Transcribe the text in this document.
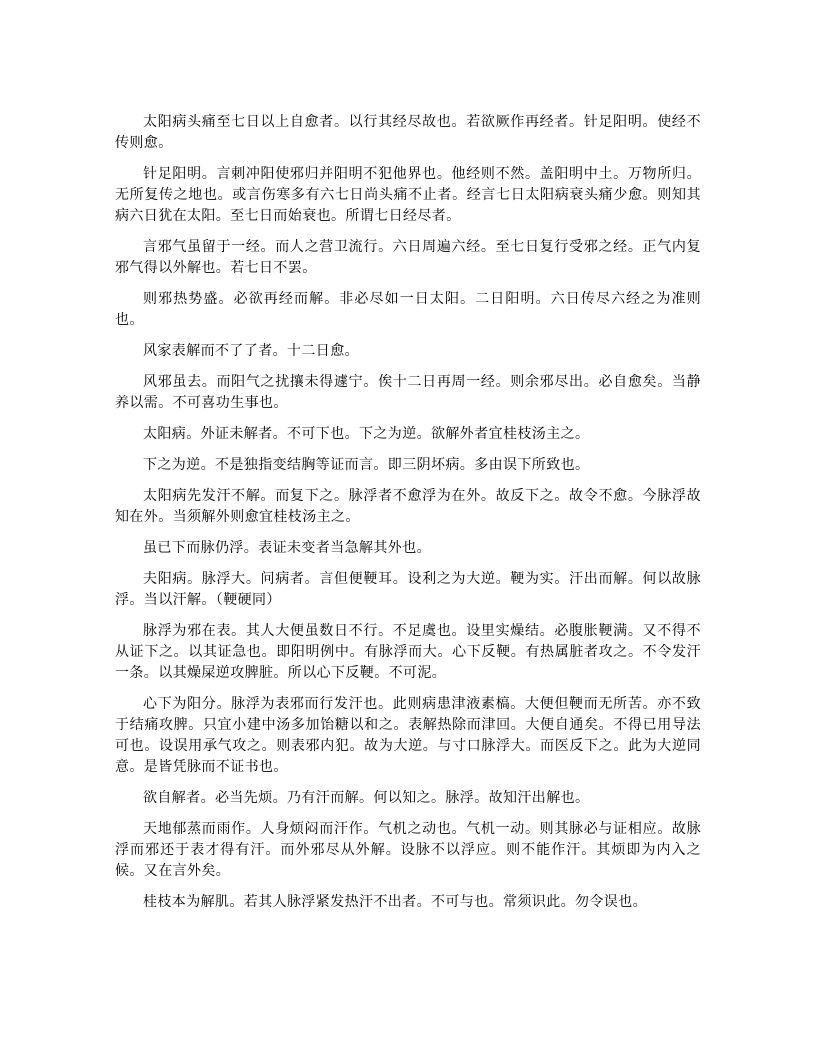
太阳病头痛至七日以上自愈者。以行其经尽故也。若欲厥作再经者。针足阳明。使经不传则愈。

针足阳明。言刺冲阳使邪归并阳明不犯他界也。他经则不然。盖阳明中土。万物所归。无所复传之地也。或言伤寒多有六七日尚头痛不止者。经言七日太阳病衰头痛少愈。则知其病六日犹在太阳。至七日而始衰也。所谓七日经尽者。

言邪气虽留于一经。而人之营卫流行。六日周遍六经。至七日复行受邪之经。正气内复邪气得以外解也。若七日不罢。

则邪热势盛。必欲再经而解。非必尽如一日太阳。二日阳明。六日传尽六经之为准则也。

风家表解而不了了者。十二日愈。

风邪虽去。而阳气之扰攘未得遽宁。俟十二日再周一经。则余邪尽出。必自愈矣。当静养以需。不可喜功生事也。

太阳病。外证未解者。不可下也。下之为逆。欲解外者宜桂枝汤主之。

下之为逆。不是独指变结胸等证而言。即三阴坏病。多由误下所致也。

太阳病先发汗不解。而复下之。脉浮者不愈浮为在外。故反下之。故令不愈。今脉浮故知在外。当须解外则愈宜桂枝汤主之。

虽已下而脉仍浮。表证未变者当急解其外也。

夫阳病。脉浮大。问病者。言但便鞕耳。设利之为大逆。鞕为实。汗出而解。何以故脉浮。当以汗解。（鞕硬同）

脉浮为邪在表。其人大便虽数日不行。不足虞也。设里实燥结。必腹胀鞕满。又不得不从证下之。以其证急也。即阳明例中。有脉浮而大。心下反鞕。有热属脏者攻之。不令发汗一条。以其燥屎逆攻脾脏。所以心下反鞕。不可泥。

心下为阳分。脉浮为表邪而行发汗也。此则病患津液素槁。大便但鞕而无所苦。亦不致于结痛攻脾。只宜小建中汤多加饴糖以和之。表解热除而津回。大便自通矣。不得已用导法可也。设误用承气攻之。则表邪内犯。故为大逆。与寸口脉浮大。而医反下之。此为大逆同意。是皆凭脉而不证书也。

欲自解者。必当先烦。乃有汗而解。何以知之。脉浮。故知汗出解也。

天地郁蒸而雨作。人身烦闷而汗作。气机之动也。气机一动。则其脉必与证相应。故脉浮而邪还于表才得有汗。而外邪尽从外解。设脉不以浮应。则不能作汗。其烦即为内入之候。又在言外矣。

桂枝本为解肌。若其人脉浮紧发热汗不出者。不可与也。常须识此。勿令误也。
